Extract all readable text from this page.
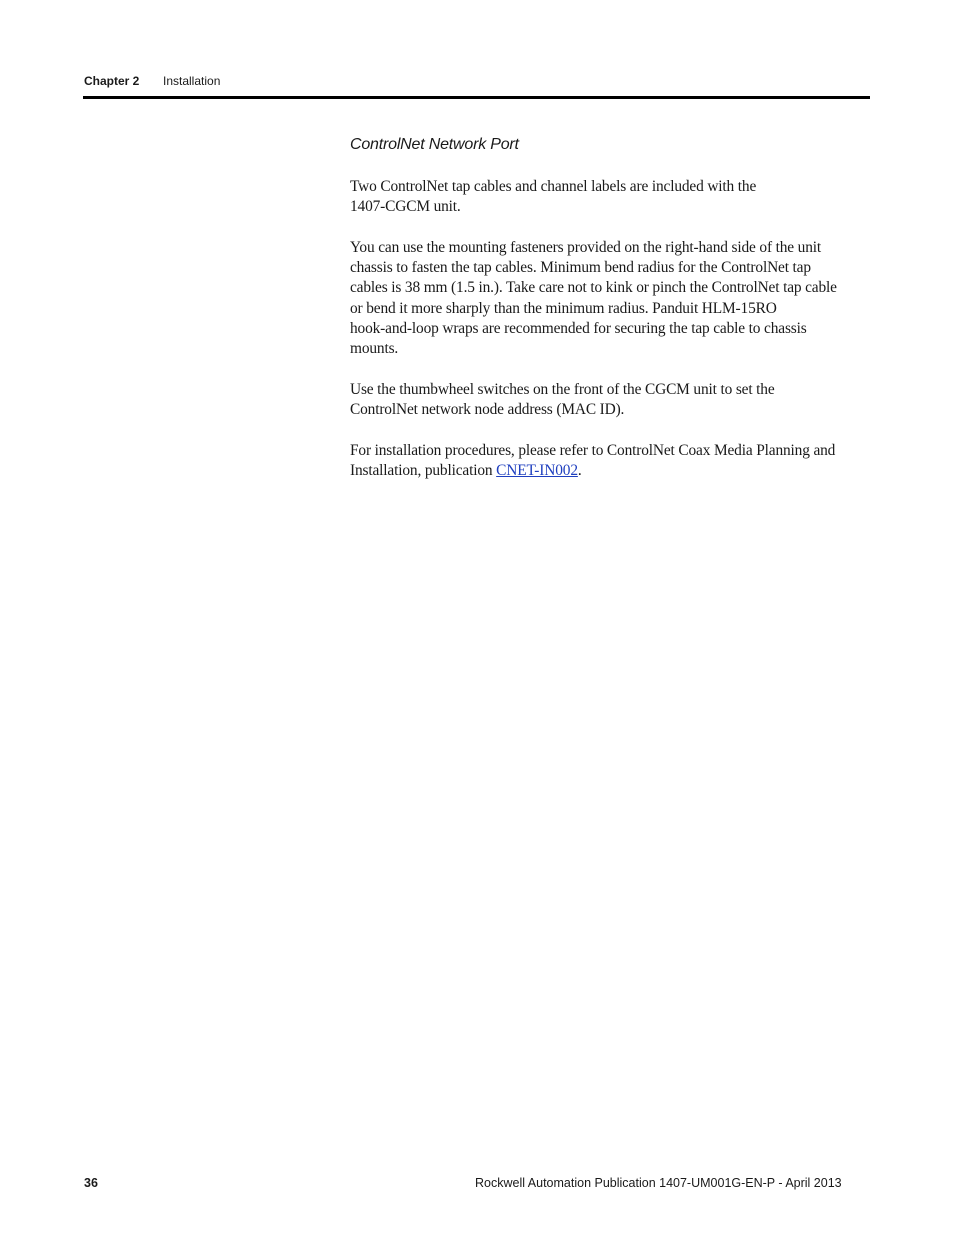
Chapter 2 Installation
ControlNet Network Port

Two ControlNet tap cables and channel labels are included with the
1407-CGCM unit.

You can use the mounting fasteners provided on the right-hand side of the unit
chassis to fasten the tap cables. Minimum bend radius for the ControlNet tap
cables is 38 mm (1.5 in.). Take care not to kink or pinch the ControlNet tap cable
or bend it more sharply than the minimum radius. Panduit HLM-15RO
hook-and-loop wraps are recommended for securing the tap cable to chassis
mounts.

Use the thumbwheel switches on the front of the CGCM unit to set the
ControlNet network node address (MAC ID).

For installation procedures, please refer to ControlNet Coax Media Planning and
Installation, publication CNET-IN002.

36	Rockwell Automation Publication 1407-UM001G-EN-P - April 2013
